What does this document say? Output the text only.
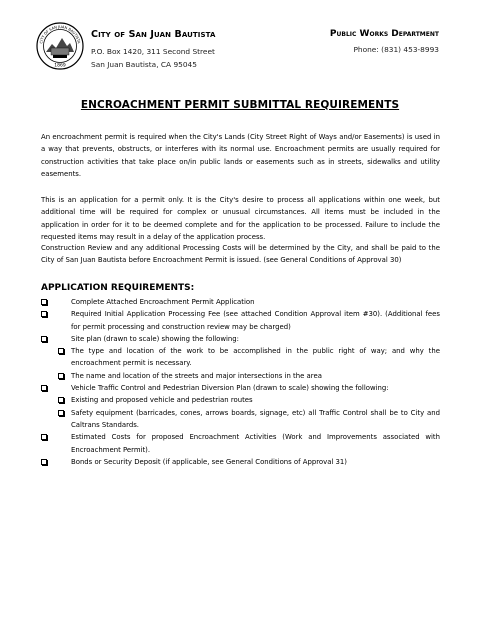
1869
CITY OF SAN JUAN BAUTISTA
City of San Juan Bautista
P.O. Box 1420, 311 Second Street
San Juan Bautista, CA 95045
Public Works Department
Phone: (831) 453-8993
ENCROACHMENT PERMIT SUBMITTAL REQUIREMENTS
An encroachment permit is required when the City's Lands (City Street Right of Ways and/or Easements) is used in a way that prevents, obstructs, or interferes with its normal use. Encroachment permits are usually required for construction activities that take place on/in public lands or easements such as in streets, sidewalks and utility easements.
This is an application for a permit only. It is the City's desire to process all applications within one week, but additional time will be required for complex or unusual circumstances. All items must be included in the application in order for it to be deemed complete and for the application to be processed. Failure to include the requested items may result in a delay of the application process.
Construction Review and any additional Processing Costs will be determined by the City, and shall be paid to the City of San Juan Bautista before Encroachment Permit is issued. (see General Conditions of Approval 30)
APPLICATION REQUIREMENTS:
Complete Attached Encroachment Permit Application
Required Initial Application Processing Fee (see attached Condition Approval item #30). (Additional fees for permit processing and construction review may be charged)
Site plan (drawn to scale) showing the following:
The type and location of the work to be accomplished in the public right of way; and why the encroachment permit is necessary.
The name and location of the streets and major intersections in the area
Vehicle Traffic Control and Pedestrian Diversion Plan (drawn to scale) showing the following:
Existing and proposed vehicle and pedestrian routes
Safety equipment (barricades, cones, arrows boards, signage, etc) all Traffic Control shall be to City and Caltrans Standards.
Estimated Costs for proposed Encroachment Activities (Work and Improvements associated with Encroachment Permit).
Bonds or Security Deposit (if applicable, see General Conditions of Approval 31)
